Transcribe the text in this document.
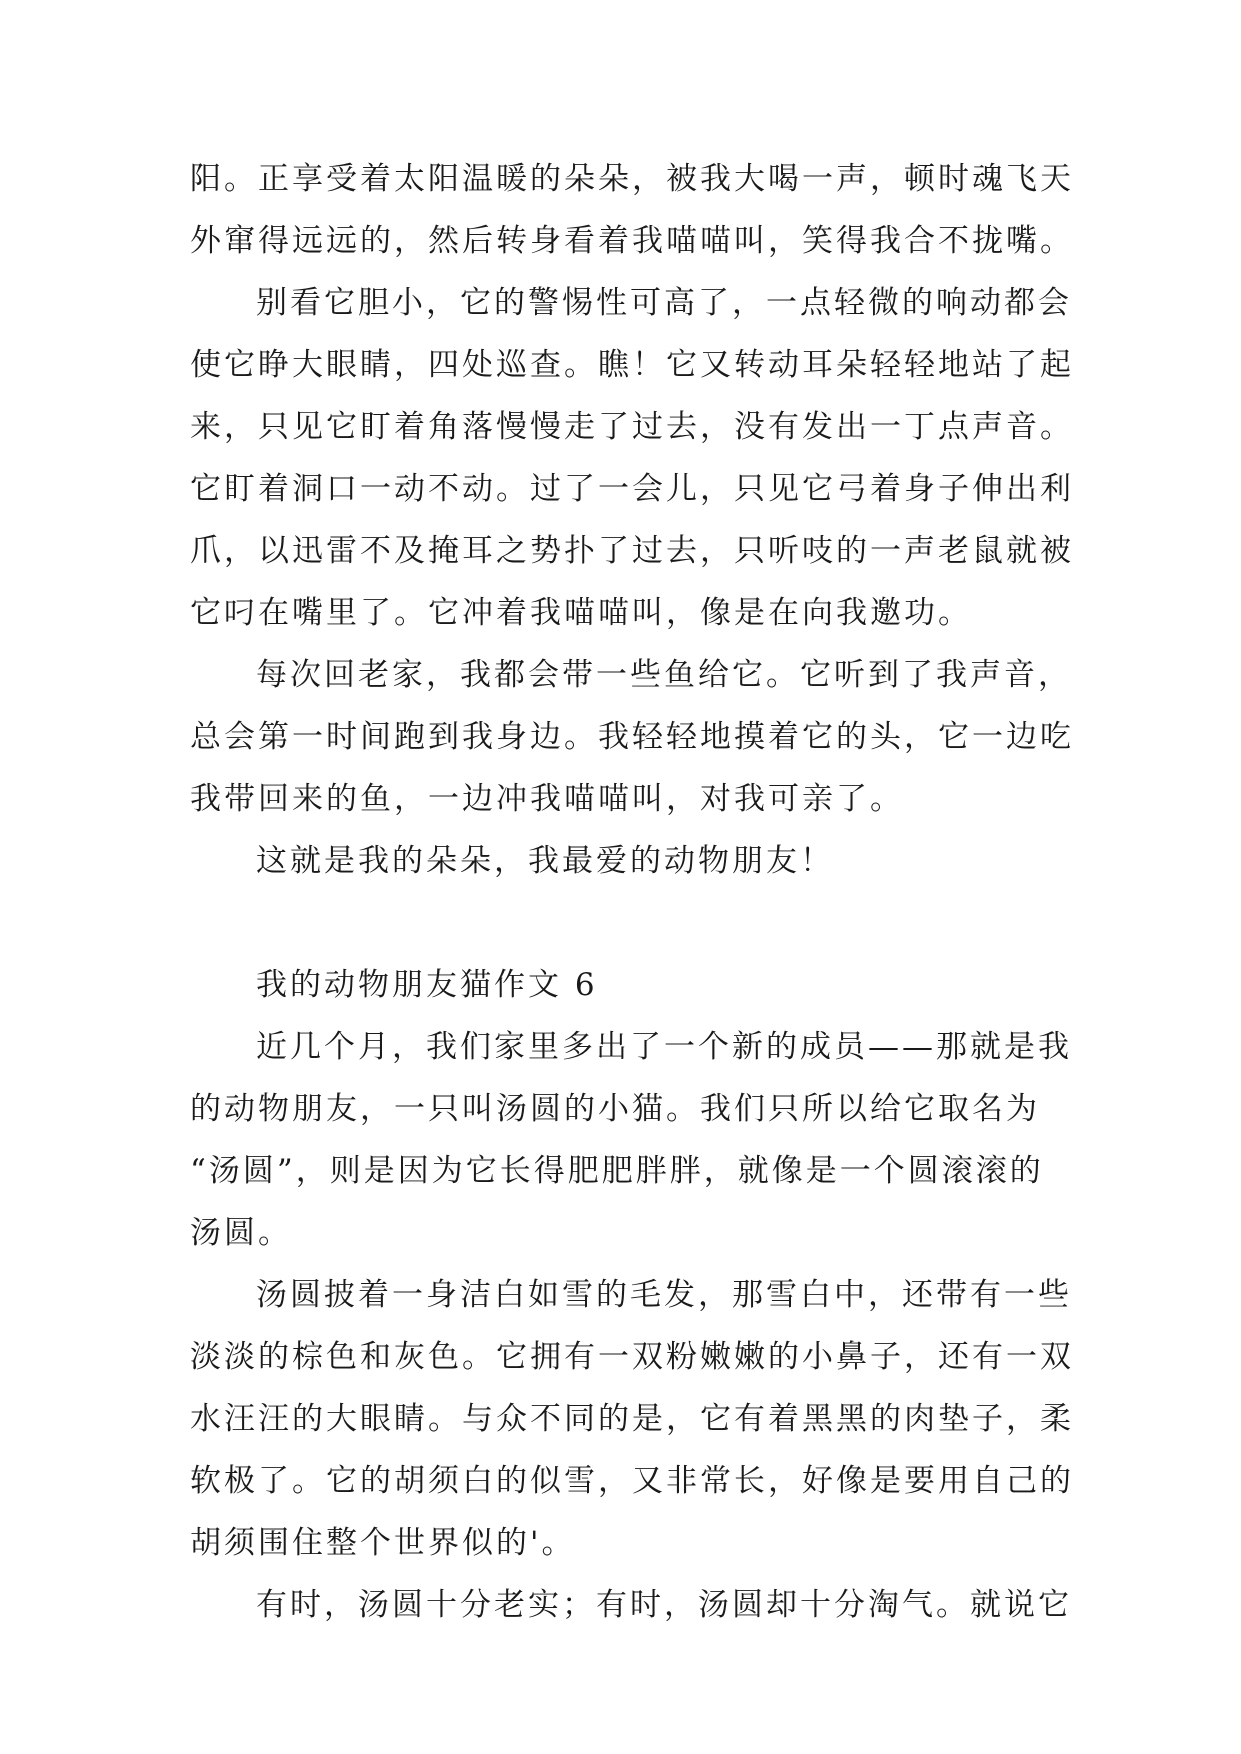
阳。正享受着太阳温暖的朵朵，被我大喝一声，顿时魂飞天
外窜得远远的，然后转身看着我喵喵叫，笑得我合不拢嘴。
别看它胆小，它的警惕性可高了，一点轻微的响动都会
使它睁大眼睛，四处巡查。瞧！它又转动耳朵轻轻地站了起
来，只见它盯着角落慢慢走了过去，没有发出一丁点声音。
它盯着洞口一动不动。过了一会儿，只见它弓着身子伸出利
爪，以迅雷不及掩耳之势扑了过去，只听吱的一声老鼠就被
它叼在嘴里了。它冲着我喵喵叫，像是在向我邀功。
每次回老家，我都会带一些鱼给它。它听到了我声音，
总会第一时间跑到我身边。我轻轻地摸着它的头，它一边吃
我带回来的鱼，一边冲我喵喵叫，对我可亲了。
这就是我的朵朵，我最爱的动物朋友！
我的动物朋友猫作文 6
近几个月，我们家里多出了一个新的成员——那就是我
的动物朋友，一只叫汤圆的小猫。我们只所以给它取名为
“汤圆”，则是因为它长得肥肥胖胖，就像是一个圆滚滚的
汤圆。
汤圆披着一身洁白如雪的毛发，那雪白中，还带有一些
淡淡的棕色和灰色。它拥有一双粉嫩嫩的小鼻子，还有一双
水汪汪的大眼睛。与众不同的是，它有着黑黑的肉垫子，柔
软极了。它的胡须白的似雪，又非常长，好像是要用自己的
胡须围住整个世界似的'。
有时，汤圆十分老实；有时，汤圆却十分淘气。就说它
